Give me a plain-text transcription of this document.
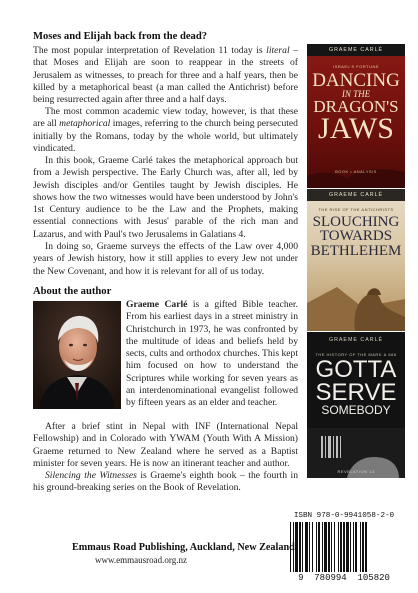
Moses and Elijah back from the dead?
The most popular interpretation of Revelation 11 today is literal – that Moses and Elijah are soon to reappear in the streets of Jerusalem as witnesses, to preach for three and a half years, then be killed by a metaphorical beast (a man called the Antichrist) before being resurrected again after three and a half days.
The most common academic view today, however, is that these are all metaphorical images, referring to the church being persecuted initially by the Romans, today by the whole world, but ultimately vindicated.
In this book, Graeme Carlé takes the metaphorical approach but from a Jewish perspective. The Early Church was, after all, led by Jewish disciples and/or Gentiles taught by Jewish disciples. He shows how the two witnesses would have been understood by John's 1st Century audience to be the Law and the Prophets, making essential connections with Jesus' parable of the rich man and Lazarus, and with Paul's two Jerusalems in Galatians 4.
In doing so, Graeme surveys the effects of the Law over 4,000 years of Jewish history, how it still applies to every Jew not under the New Covenant, and how it is relevant for all of us today.
About the author
Graeme Carlé is a gifted Bible teacher. From his earliest days in a street ministry in Christchurch in 1973, he was confronted by the multitude of ideas and beliefs held by sects, cults and orthodox churches. This kept him focused on how to understand the Scriptures while working for seven years as an interdenominational evangelist followed by fifteen years as an elder and teacher.
After a brief stint in Nepal with INF (International Nepal Fellowship) and in Colorado with YWAM (Youth With A Mission) Graeme returned to New Zealand where he served as a Baptist minister for seven years. He is now an itinerant teacher and author.
Silencing the Witnesses is Graeme's eighth book – the fourth in his ground-breaking series on the Book of Revelation.
GRAEME CARLÉ
ISRAEL'S FORTUNE
DANCING
IN THE
DRAGON'S
JAWS
BOOK • ANALYSIS
GRAEME CARLÉ
THE RISE OF THE ANTICHRISTS
SLOUCHING
TOWARDS
BETHLEHEM
GRAEME CARLÉ
THE HISTORY OF THE MARK & 666
GOTTA
SERVE
SOMEBODY
REVELATION 13
ISBN 978-0-9941058-2-0
9  780994  105820
Emmaus Road Publishing, Auckland, New Zealand
www.emmausroad.org.nz
